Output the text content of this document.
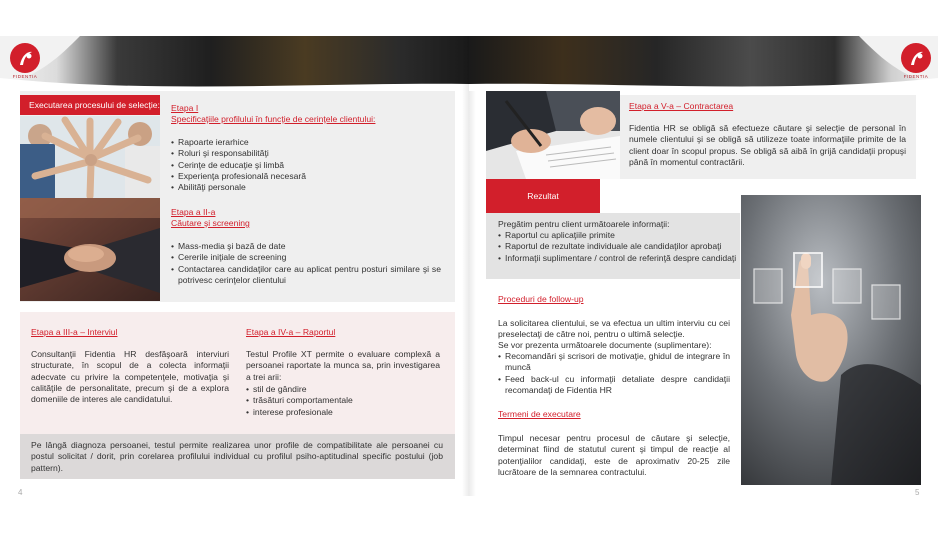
FIDENTIA
Executarea procesului de selecţie: Etapa I
Specificaţiile profilului în funcţie de cerinţele clientului:
• Rapoarte ierarhice
• Roluri şi responsabilităţi
• Cerinţe de educaţie şi limbă
• Experienţa profesională necesară
• Abilităţi personale
Etapa a II-a
Căutare şi screening
• Mass-media şi bază de date
• Cererile iniţiale de screening
• Contactarea candidaţilor care au aplicat pentru posturi similare şi se potrivesc cerinţelor clientului
Etapa a III-a – Interviul
Consultanţii Fidentia HR desfăşoară interviuri structurate, în scopul de a colecta informaţii adecvate cu privire la competenţele, motivaţia şi calităţile de personalitate, precum şi de a explora domeniile de interes ale candidatului.
Etapa a IV-a – Raportul
Testul Profile XT permite o evaluare complexă a persoanei raportate la munca sa, prin investigarea a trei arii:
• stil de gândire
• trăsături comportamentale
• interese profesionale
Pe lângă diagnoza persoanei, testul permite realizarea unor profile de compatibilitate ale persoanei cu postul solicitat / dorit, prin corelarea profilului individual cu profilul psiho-aptitudinal specific postului (job pattern).
4
FIDENTIA
Etapa a V-a – Contractarea
Fidentia HR se obligă să efectueze căutare şi selecţie de personal în numele clientului şi se obligă să utilizeze toate informaţiile primite de la client doar în scopul propus. Se obligă să aibă în grijă candidaţii propuşi până în momentul contractării.
Rezultat
Pregătim pentru client următoarele informaţii:
• Raportul cu aplicaţiile primite
• Raportul de rezultate individuale ale candidaţilor aprobaţi
• Informaţii suplimentare / control de referinţă despre candidaţi
Proceduri de follow-up
La solicitarea clientului, se va efectua un ultim interviu cu cei preselectaţi de către noi, pentru o ultimă selecţie.
Se vor prezenta următoarele documente (suplimentare):
• Recomandări şi scrisori de motivaţie, ghidul de integrare în muncă
• Feed back-ul cu informaţii detaliate despre candidaţii recomandaţi de Fidentia HR
Termeni de executare
Timpul necesar pentru procesul de căutare şi selecţie, determinat fiind de statutul curent şi timpul de reacţie al potenţialilor candidaţi, este de aproximativ 20-25 zile lucrătoare de la semnarea contractului.
5
